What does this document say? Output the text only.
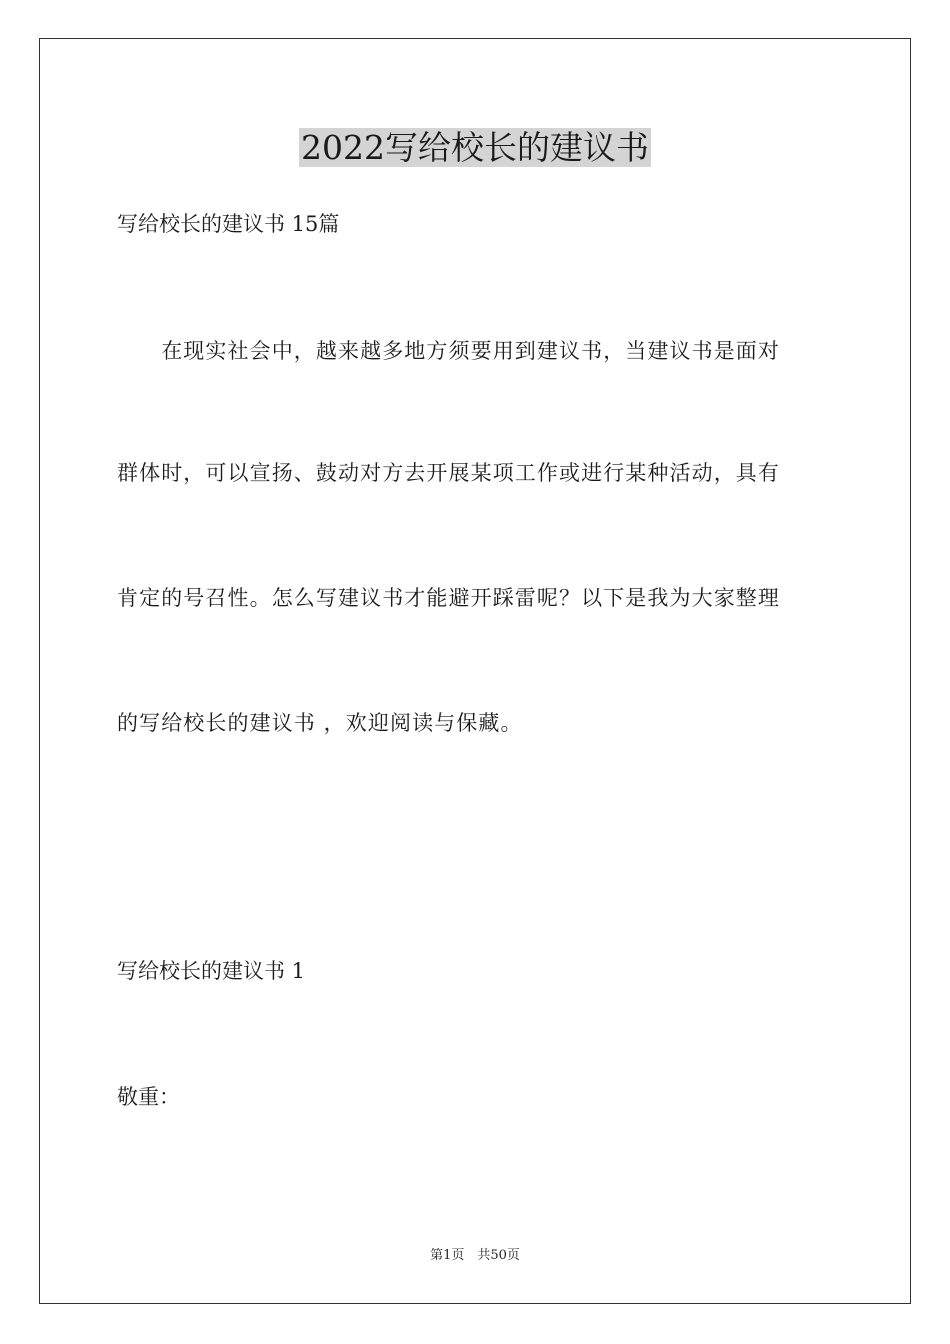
2022写给校长的建议书
写给校长的建议书 15篇
　　在现实社会中，越来越多地方须要用到建议书，当建议书是面对
群体时，可以宣扬、鼓动对方去开展某项工作或进行某种活动，具有
肯定的号召性。怎么写建议书才能避开踩雷呢？以下是我为大家整理
的写给校长的建议书 ，欢迎阅读与保藏。
写给校长的建议书 1
敬重：
第1页　共50页
